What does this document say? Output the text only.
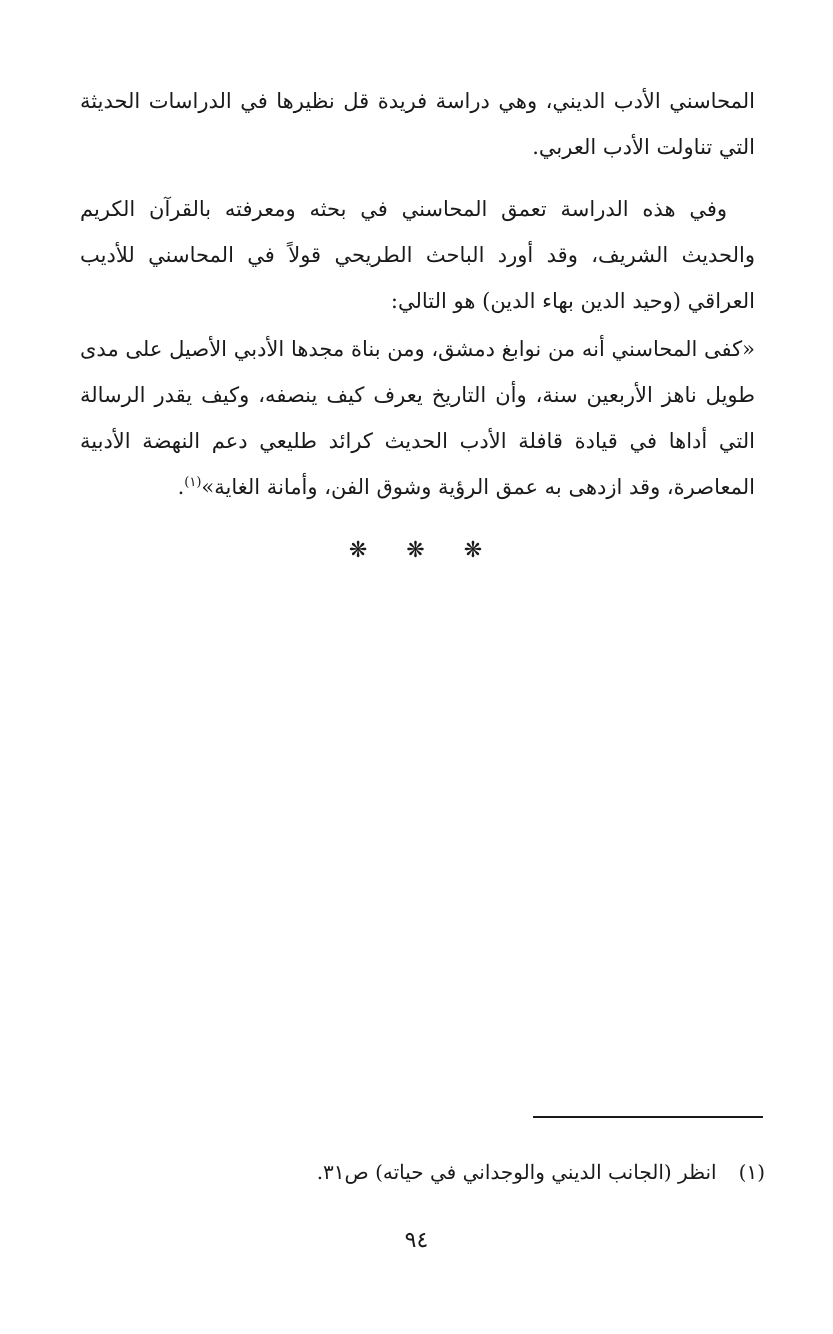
المحاسني الأدب الديني، وهي دراسة فريدة قل نظيرها في الدراسات الحديثة التي تناولت الأدب العربي.

وفي هذه الدراسة تعمق المحاسني في بحثه ومعرفته بالقرآن الكريم والحديث الشريف، وقد أورد الباحث الطريحي قولاً في المحاسني للأديب العراقي (وحيد الدين بهاء الدين) هو التالي:

«كفى المحاسني أنه من نوابغ دمشق، ومن بناة مجدها الأدبي الأصيل على مدى طويل ناهز الأربعين سنة، وأن التاريخ يعرف كيف ينصفه، وكيف يقدر الرسالة التي أداها في قيادة قافلة الأدب الحديث كرائد طليعي دعم النهضة الأدبية المعاصرة، وقد ازدهى به عمق الرؤية وشوق الفن، وأمانة الغاية»$^{(١)}$.

❋ ❋ ❋
(١)انظر (الجانب الديني والوجداني في حياته) ص٣١.
٩٤
